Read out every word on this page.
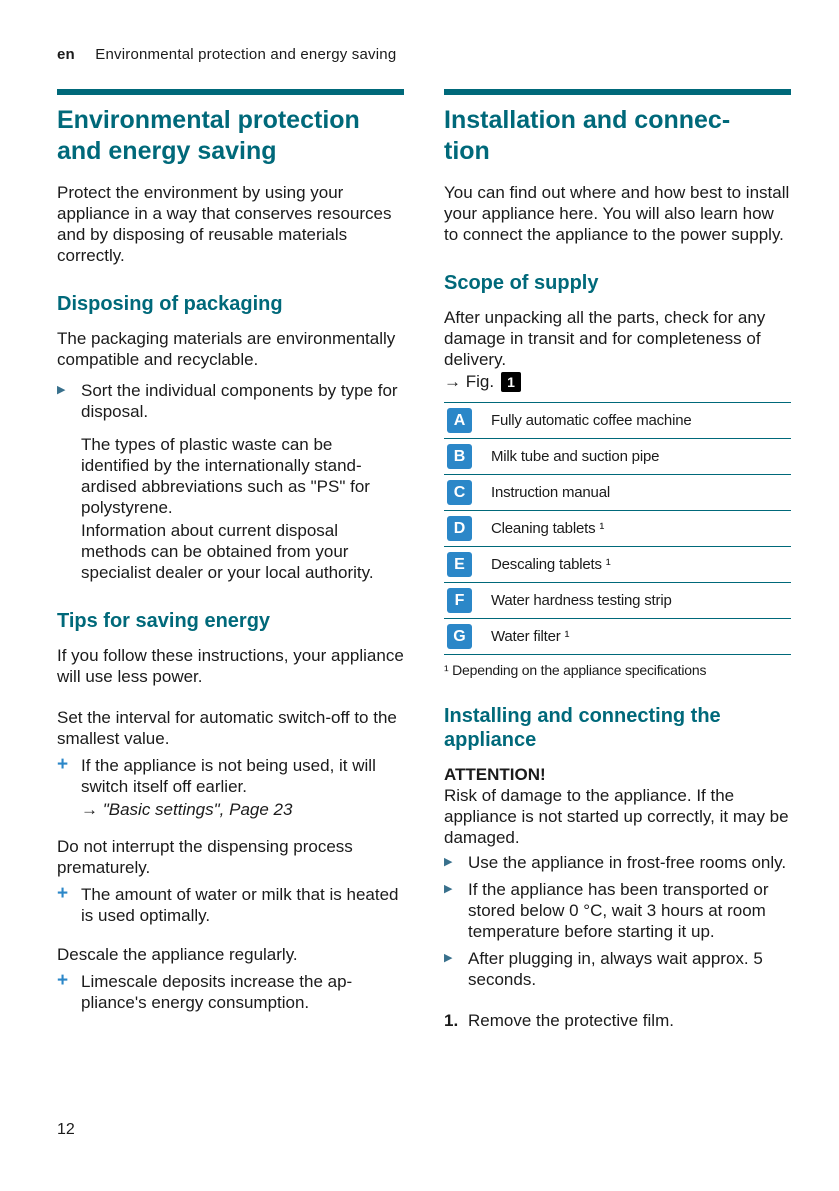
en Environmental protection and energy saving
Environmental protection and energy saving

Protect the environment by using your appliance in a way that conserves resources and by disposing of reusable materials correctly.

Disposing of packaging

The packaging materials are environmentally compatible and recyclable.

▶ Sort the individual components by type for disposal.

The types of plastic waste can be identified by the internationally standardised abbreviations such as "PS" for polystyrene.

Information about current disposal methods can be obtained from your specialist dealer or your local authority.

Tips for saving energy

If you follow these instructions, your appliance will use less power.

Set the interval for automatic switch-off to the smallest value.

+ If the appliance is not being used, it will switch itself off earlier.

→ "Basic settings", Page 23

Do not interrupt the dispensing process prematurely.

+ The amount of water or milk that is heated is used optimally.

Descale the appliance regularly.

+ Limescale deposits increase the appliance's energy consumption.

Installation and connection

You can find out where and how best to install your appliance here. You will also learn how to connect the appliance to the power supply.

Scope of supply

After unpacking all the parts, check for any damage in transit and for completeness of delivery.

→ Fig. 1
A	Fully automatic coffee machine
B	Milk tube and suction pipe
C	Instruction manual
D	Cleaning tablets ¹
E	Descaling tablets ¹
F	Water hardness testing strip
G	Water filter ¹
¹ Depending on the appliance specifications
Installing and connecting the appliance
ATTENTION!

Risk of damage to the appliance. If the appliance is not started up correctly, it may be damaged.

▶ Use the appliance in frost-free rooms only.

▶ If the appliance has been transported or stored below 0 °C, wait 3 hours at room temperature before starting it up.

▶ After plugging in, always wait approx. 5 seconds.

1. Remove the protective film.
12
